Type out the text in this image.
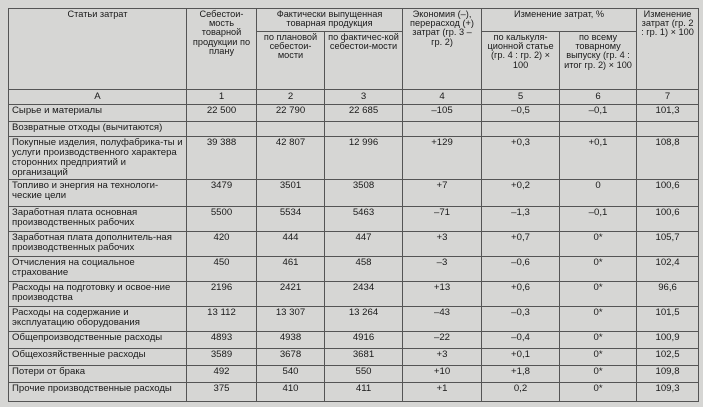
Статьи затрат	Себестои-мость товарной продукции по плану	Фактически выпущенная товарная продукция		Экономия (–), перерасход (+) затрат (гр. 3 – гр. 2)	Изменение затрат, %		Изменение затрат (гр. 2 : гр. 1) × 100
		по плановой себестои-мости	по фактичес-кой себестои-мости		по калькуля-ционной статье (гр. 4 : гр. 2) × 100	по всему товарному выпуску (гр. 4 : итог гр. 2) × 100	
А	1	2	3	4	5	6	7
Сырье и материалы	22 500	22 790	22 685	–105	–0,5	–0,1	101,3
Возвратные отходы (вычитаются)							
Покупные изделия, полуфабрика-ты и услуги производственного характера сторонних предприятий и организаций	39 388	42 807	12 996	+129	+0,3	+0,1	108,8
Топливо и энергия на технологи-ческие цели	3479	3501	3508	+7	+0,2	0	100,6
Заработная плата основная производственных рабочих	5500	5534	5463	–71	–1,3	–0,1	100,6
Заработная плата дополнитель-ная производственных рабочих	420	444	447	+3	+0,7	0*	105,7
Отчисления на социальное страхование	450	461	458	–3	–0,6	0*	102,4
Расходы на подготовку и освое-ние производства	2196	2421	2434	+13	+0,6	0*	96,6
Расходы на содержание и эксплуатацию оборудования	13 112	13 307	13 264	–43	–0,3	0*	101,5
Общепроизводственные расходы	4893	4938	4916	–22	–0,4	0*	100,9
Общехозяйственные расходы	3589	3678	3681	+3	+0,1	0*	102,5
Потери от брака	492	540	550	+10	+1,8	0*	109,8
Прочие производственные расходы	375	410	411	+1	0,2	0*	109,3
